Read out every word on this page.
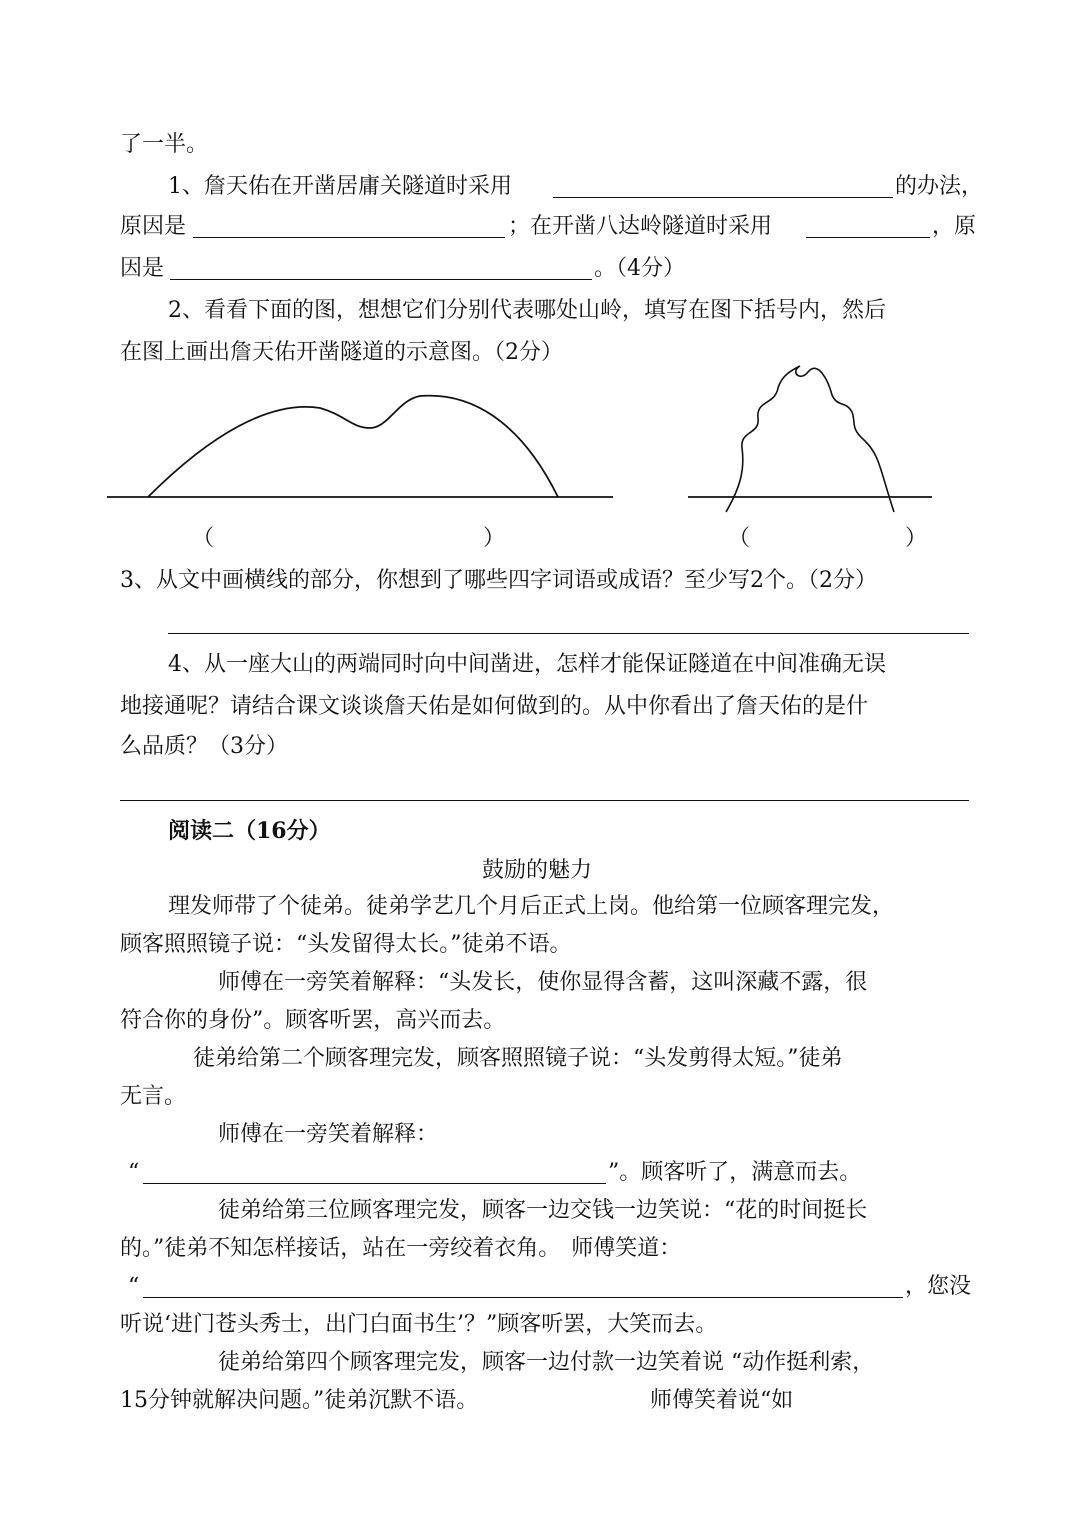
了一半。
1、詹天佑在开凿居庸关隧道时采用	的办法，
原因是	；在开凿八达岭隧道时采用	，原
因是	。（4分）
2、看看下面的图，想想它们分别代表哪处山岭，填写在图下括号内，然后
在图上画出詹天佑开凿隧道的示意图。（2分）
（	）	（	）
3、从文中画横线的部分，你想到了哪些四字词语或成语？至少写2个。（2分）
4、从一座大山的两端同时向中间凿进，怎样才能保证隧道在中间准确无误
地接通呢？请结合课文谈谈詹天佑是如何做到的。从中你看出了詹天佑的是什
么品质？（3分）
阅读二（16分）
鼓励的魅力
理发师带了个徒弟。徒弟学艺几个月后正式上岗。他给第一位顾客理完发，
顾客照照镜子说：“头发留得太长。”徒弟不语。
师傅在一旁笑着解释：“头发长，使你显得含蓄，这叫深藏不露，很
符合你的身份”。顾客听罢，高兴而去。
徒弟给第二个顾客理完发，顾客照照镜子说：“头发剪得太短。”徒弟
无言。
师傅在一旁笑着解释：
“	”。顾客听了，满意而去。
徒弟给第三位顾客理完发，顾客一边交钱一边笑说：“花的时间挺长
的。”徒弟不知怎样接话，站在一旁绞着衣角。　师傅笑道：
“	，您没
听说‘进门苍头秀士，出门白面书生’？”顾客听罢，大笑而去。
徒弟给第四个顾客理完发，顾客一边付款一边笑着说 “动作挺利索，
15分钟就解决问题。”徒弟沉默不语。	师傅笑着说“如
